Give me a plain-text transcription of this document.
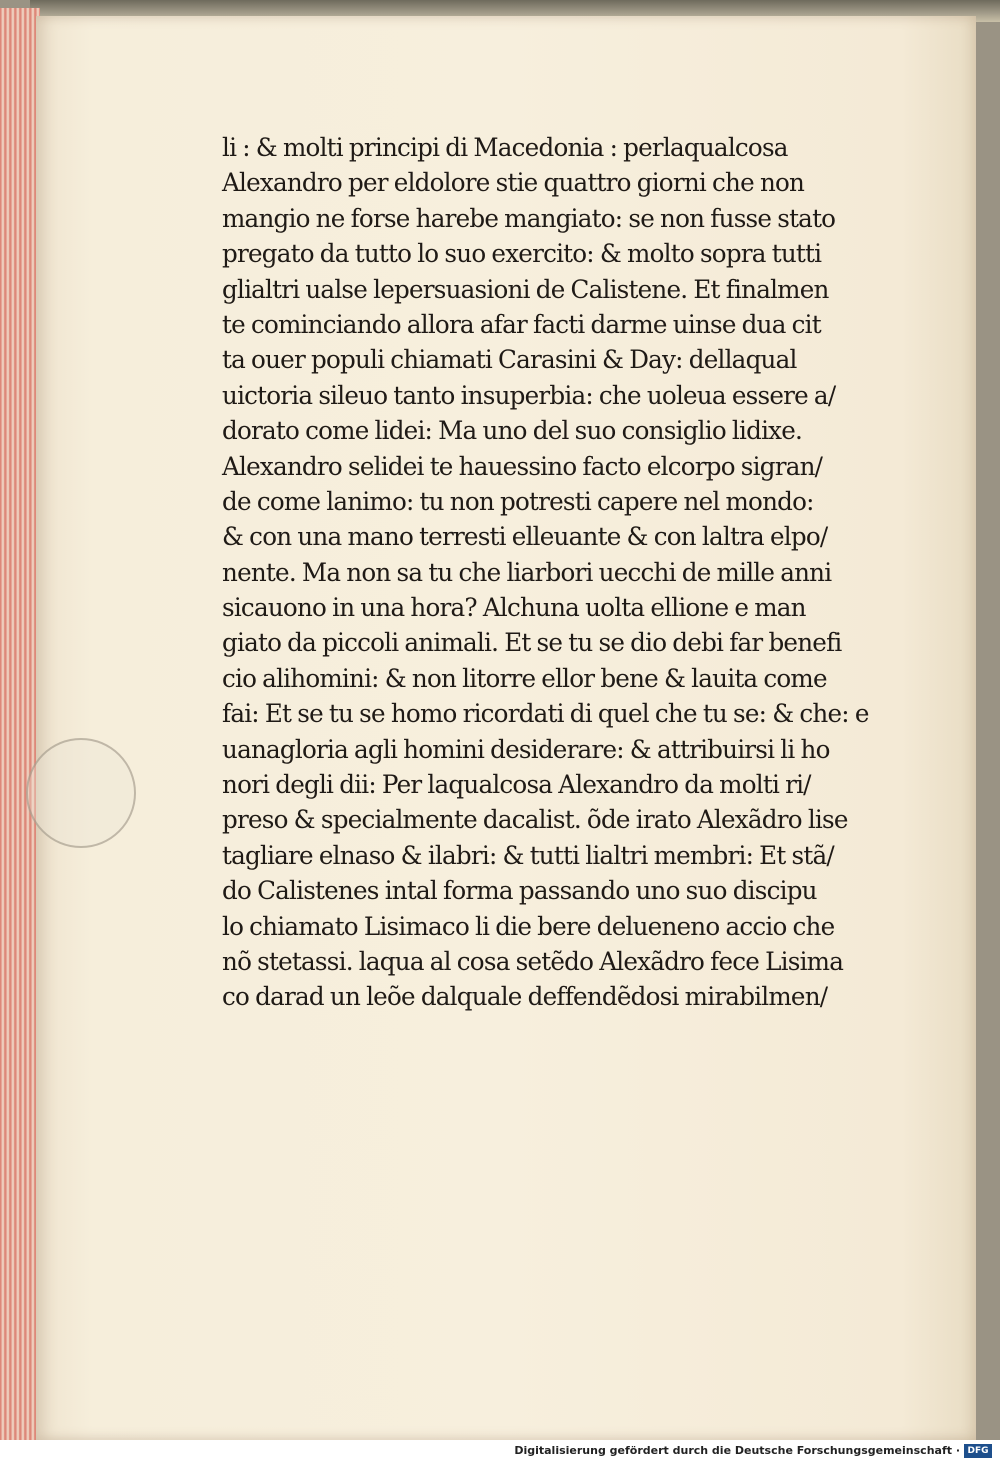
li : & molti principi di Macedonia : perlaqualcosa
Alexandro per eldolore stie quattro giorni che non
mangio ne forse harebe mangiato: se non fusse stato
pregato da tutto lo suo exercito: & molto sopra tutti
glialtri ualse lepersuasioni de Calistene. Et finalmen
te cominciando allora afar facti darme uinse dua cit
ta ouer populi chiamati Carasini & Day: dellaqual
uictoria sileuo tanto insuperbia: che uoleua essere a/
dorato come lidei: Ma uno del suo consiglio lidixe.
Alexandro selidei te hauessino facto elcorpo sigran/
de come lanimo: tu non potresti capere nel mondo:
& con una mano terresti elleuante & con laltra elpo/
nente. Ma non sa tu che liarbori uecchi de mille anni
sicauono in una hora? Alchuna uolta ellione e man
giato da piccoli animali. Et se tu se dio debi far benefi
cio alihomini: & non litorre ellor bene & lauita come
fai: Et se tu se homo ricordati di quel che tu se: & che: e
uanagloria agli homini desiderare: & attribuirsi li ho
nori degli dii: Per laqualcosa Alexandro da molti ri/
preso & specialmente dacalist. õde irato Alexãdro lise
tagliare elnaso & ilabri: & tutti lialtri membri: Et stã/
do Calistenes intal forma passando uno suo discipu
lo chiamato Lisimaco li die bere deluenenо accio che
nõ stetassi. laqua al cosa setẽdo Alexãdro fece Lisima
co darad un leõe dalquale deffendẽdosi mirabilmen/
Digitalisierung gefördert durch die Deutsche Forschungsgemeinschaft · DFG
